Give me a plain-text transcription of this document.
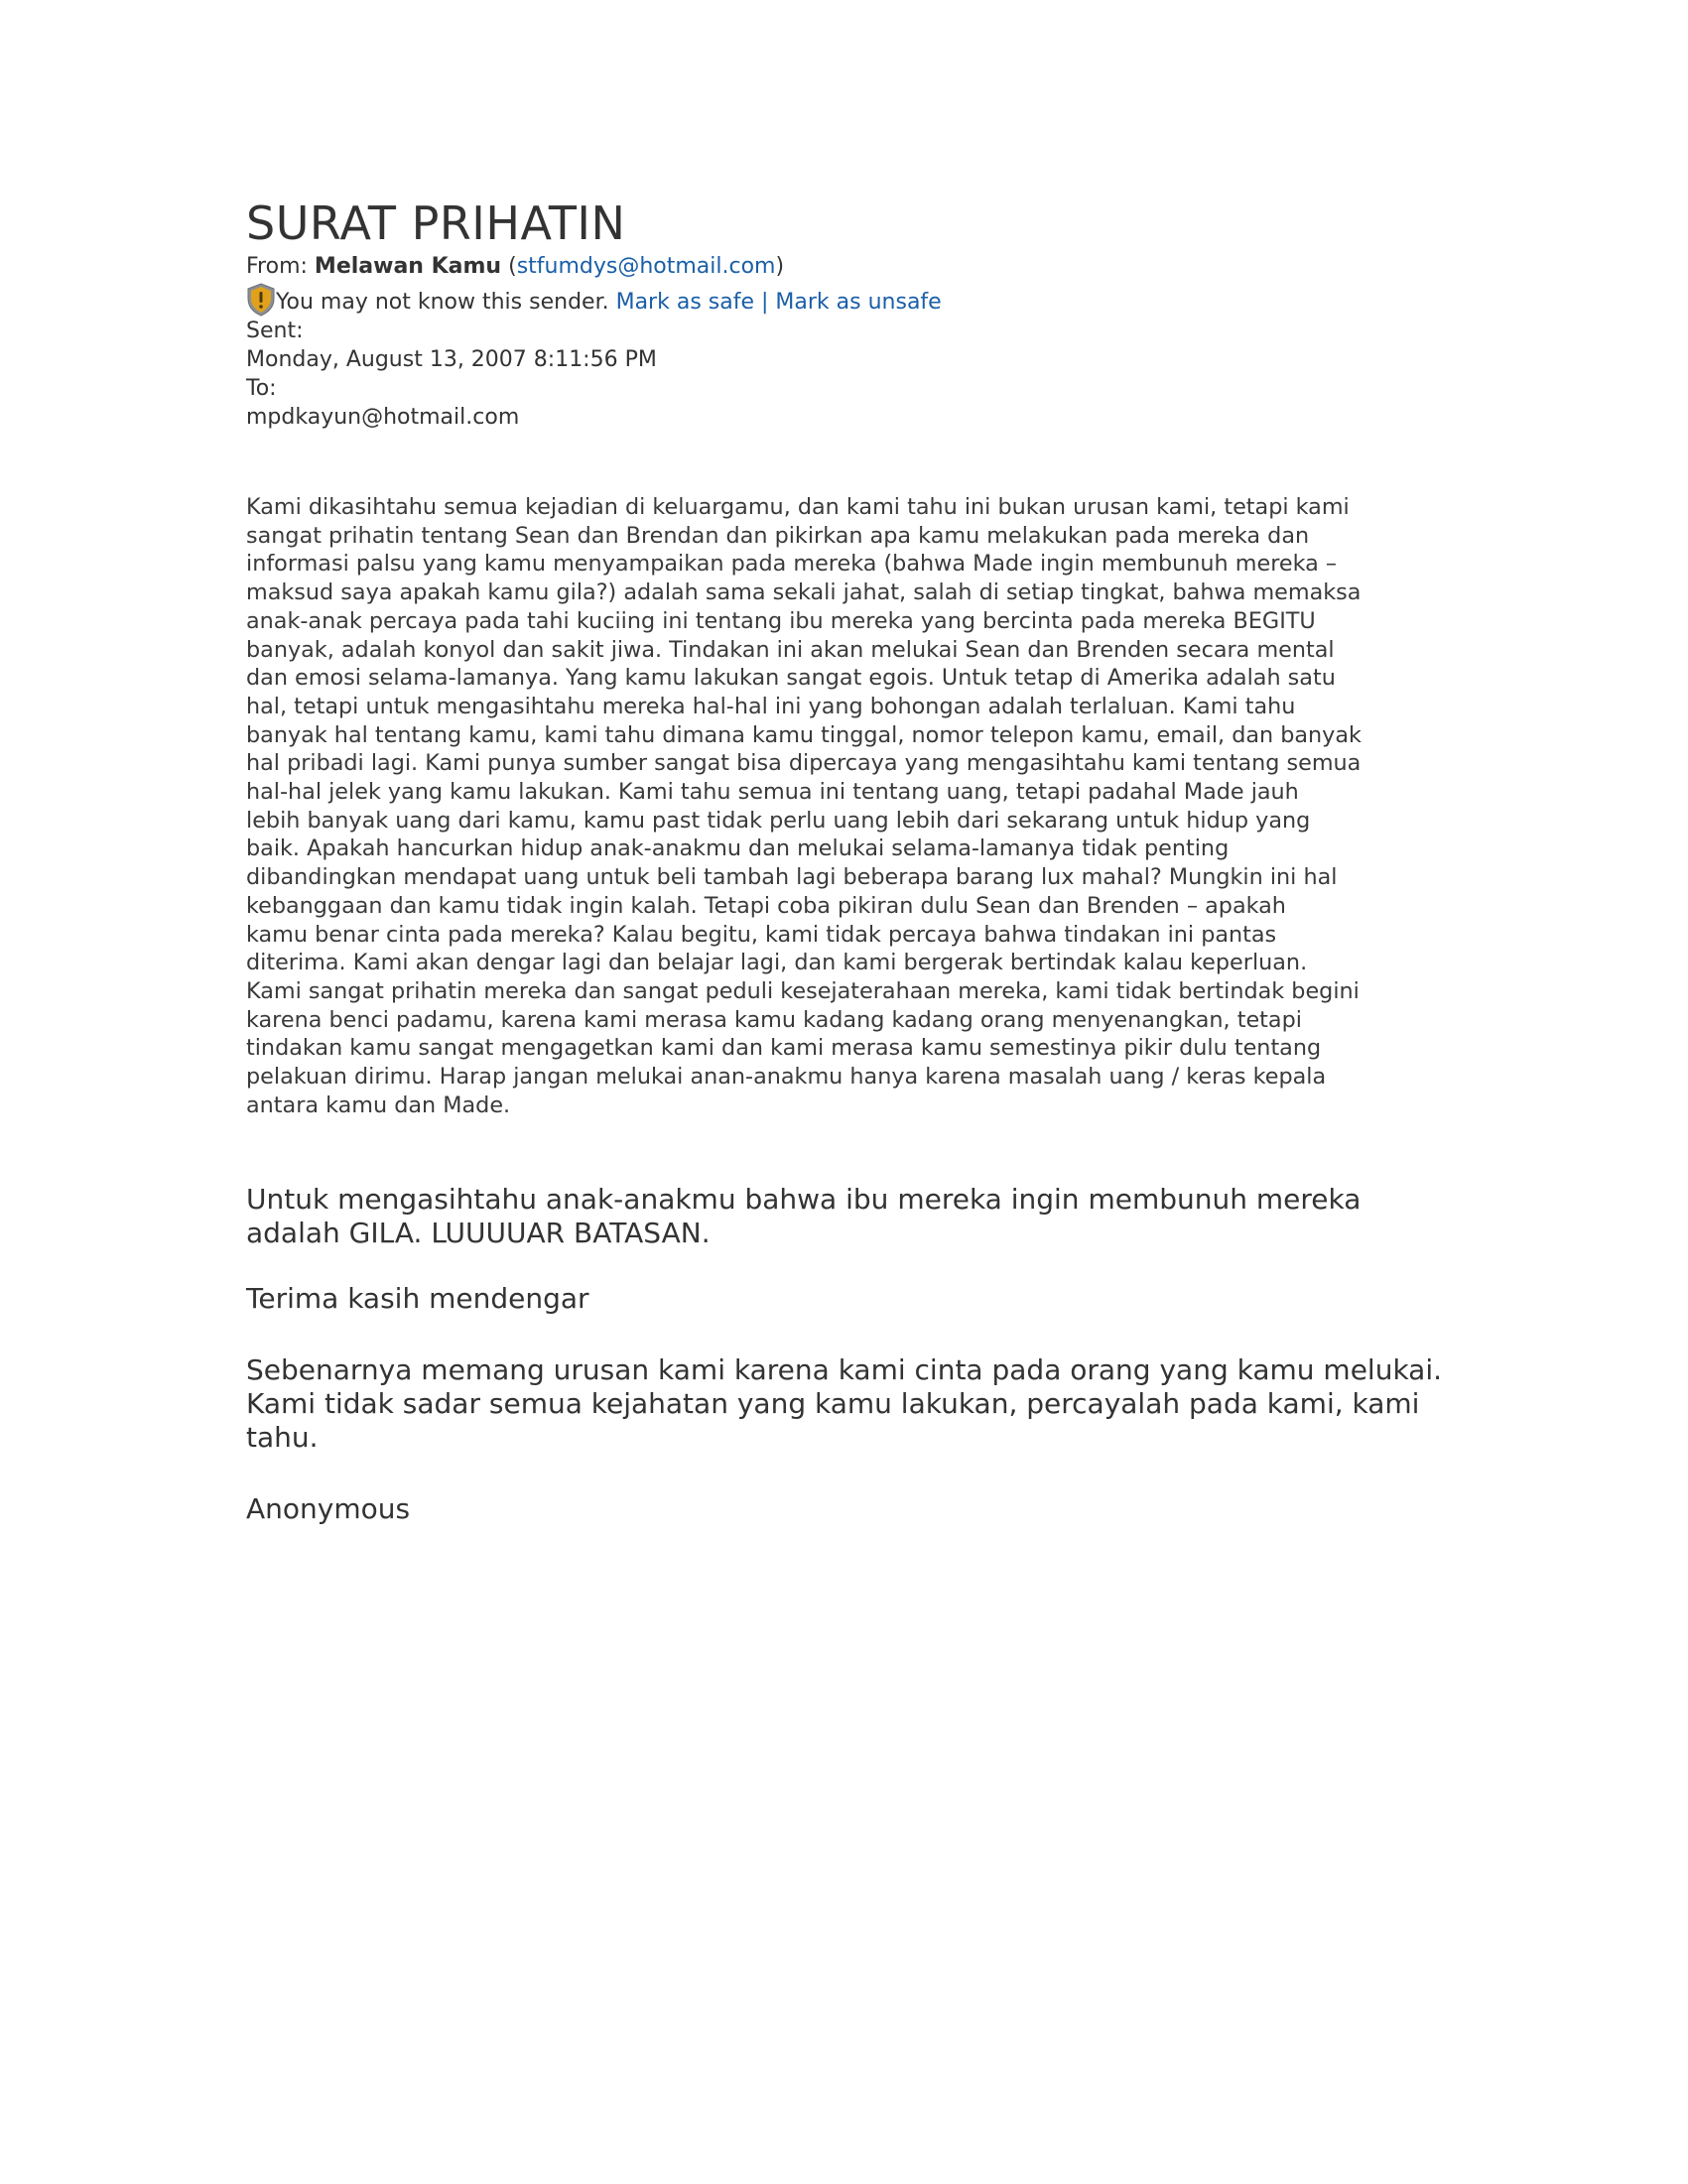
SURAT PRIHATIN
From: Melawan Kamu (stfumdys@hotmail.com)
You may not know this sender.
Mark as safe
|
Mark as unsafe
Sent:
Monday, August 13, 2007 8:11:56 PM
To:
mpdkayun@hotmail.com
Kami dikasihtahu semua kejadian di keluargamu, dan kami tahu ini bukan urusan kami, tetapi kami
sangat prihatin tentang Sean dan Brendan dan pikirkan apa kamu melakukan pada mereka dan
informasi palsu yang kamu menyampaikan pada mereka (bahwa Made ingin membunuh mereka –
maksud saya apakah kamu gila?) adalah sama sekali jahat, salah di setiap tingkat, bahwa memaksa
anak-anak percaya pada tahi kuciing ini tentang ibu mereka yang bercinta pada mereka BEGITU
banyak, adalah konyol dan sakit jiwa. Tindakan ini akan melukai Sean dan Brenden secara mental
dan emosi selama-lamanya. Yang kamu lakukan sangat egois. Untuk tetap di Amerika adalah satu
hal, tetapi untuk mengasihtahu mereka hal-hal ini yang bohongan adalah terlaluan. Kami tahu
banyak hal tentang kamu, kami tahu dimana kamu tinggal, nomor telepon kamu, email, dan banyak
hal pribadi lagi. Kami punya sumber sangat bisa dipercaya yang mengasihtahu kami tentang semua
hal-hal jelek yang kamu lakukan. Kami tahu semua ini tentang uang, tetapi padahal Made jauh
lebih banyak uang dari kamu, kamu past tidak perlu uang lebih dari sekarang untuk hidup yang
baik. Apakah hancurkan hidup anak-anakmu dan melukai selama-lamanya tidak penting
dibandingkan mendapat uang untuk beli tambah lagi beberapa barang lux mahal? Mungkin ini hal
kebanggaan dan kamu tidak ingin kalah. Tetapi coba pikiran dulu Sean dan Brenden – apakah
kamu benar cinta pada mereka? Kalau begitu, kami tidak percaya bahwa tindakan ini pantas
diterima. Kami akan dengar lagi dan belajar lagi, dan kami bergerak bertindak kalau keperluan.
Kami sangat prihatin mereka dan sangat peduli kesejaterahaan mereka, kami tidak bertindak begini
karena benci padamu, karena kami merasa kamu kadang kadang orang menyenangkan, tetapi
tindakan kamu sangat mengagetkan kami dan kami merasa kamu semestinya pikir dulu tentang
pelakuan dirimu. Harap jangan melukai anan-anakmu hanya karena masalah uang / keras kepala
antara kamu dan Made.
Untuk mengasihtahu anak-anakmu bahwa ibu mereka ingin membunuh mereka
adalah GILA. LUUUUAR BATASAN.
Terima kasih mendengar
Sebenarnya memang urusan kami karena kami cinta pada orang yang kamu melukai.
Kami tidak sadar semua kejahatan yang kamu lakukan, percayalah pada kami, kami
tahu.
Anonymous
